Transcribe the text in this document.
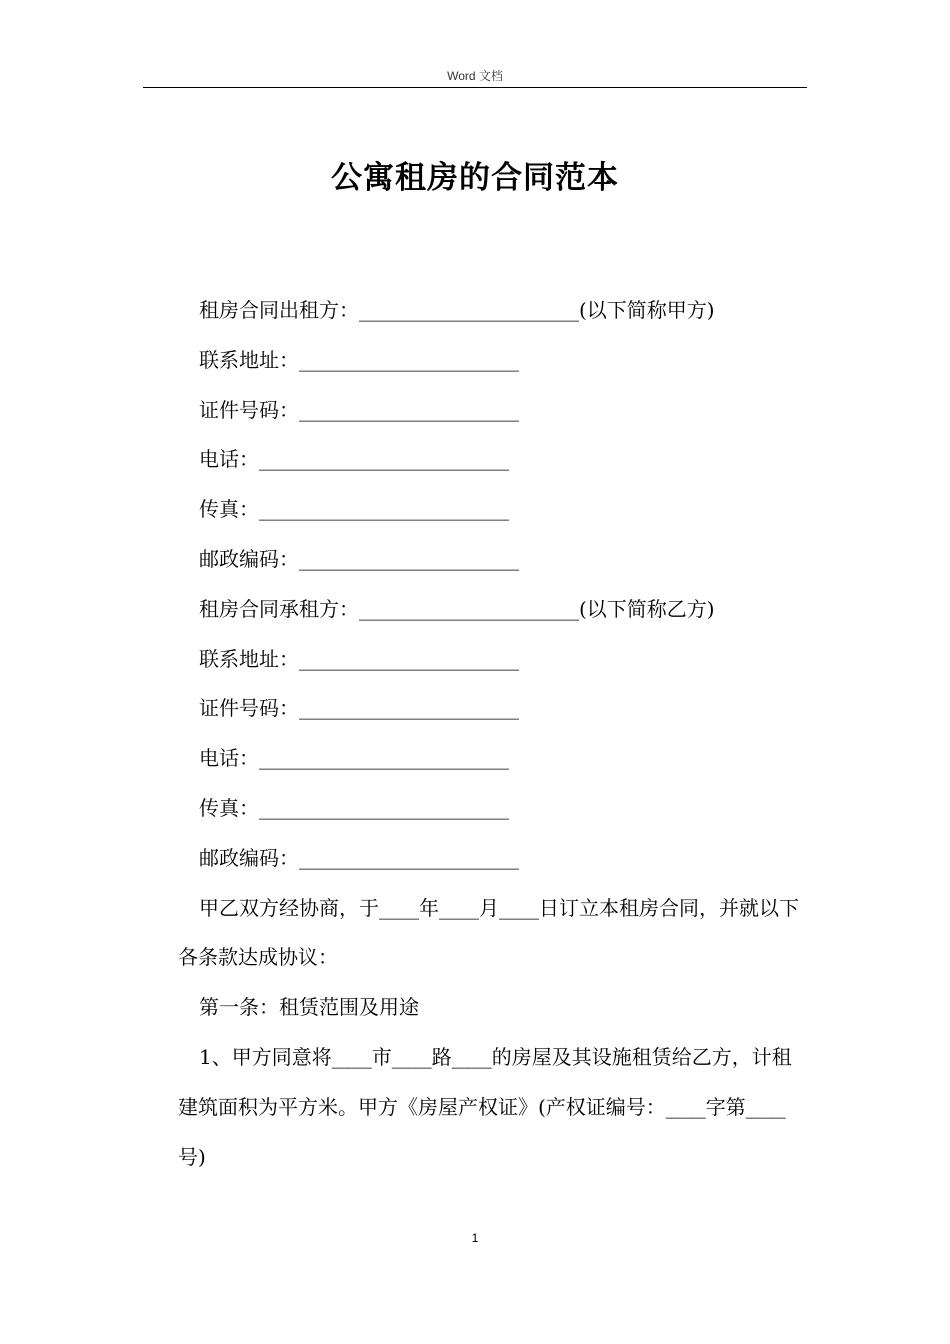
Word 文档
公寓租房的合同范本

租房合同出租方：______________________(以下简称甲方)

联系地址：______________________

证件号码：______________________

电话：_________________________

传真：_________________________

邮政编码：______________________

租房合同承租方：______________________(以下简称乙方)

联系地址：______________________

证件号码：______________________

电话：_________________________

传真：_________________________

邮政编码：______________________

甲乙双方经协商，于____年____月____日订立本租房合同，并就以下各条款达成协议：

第一条：租赁范围及用途

1、甲方同意将____市____路____的房屋及其设施租赁给乙方，计租建筑面积为平方米。甲方《房屋产权证》(产权证编号：____字第____号)

1
